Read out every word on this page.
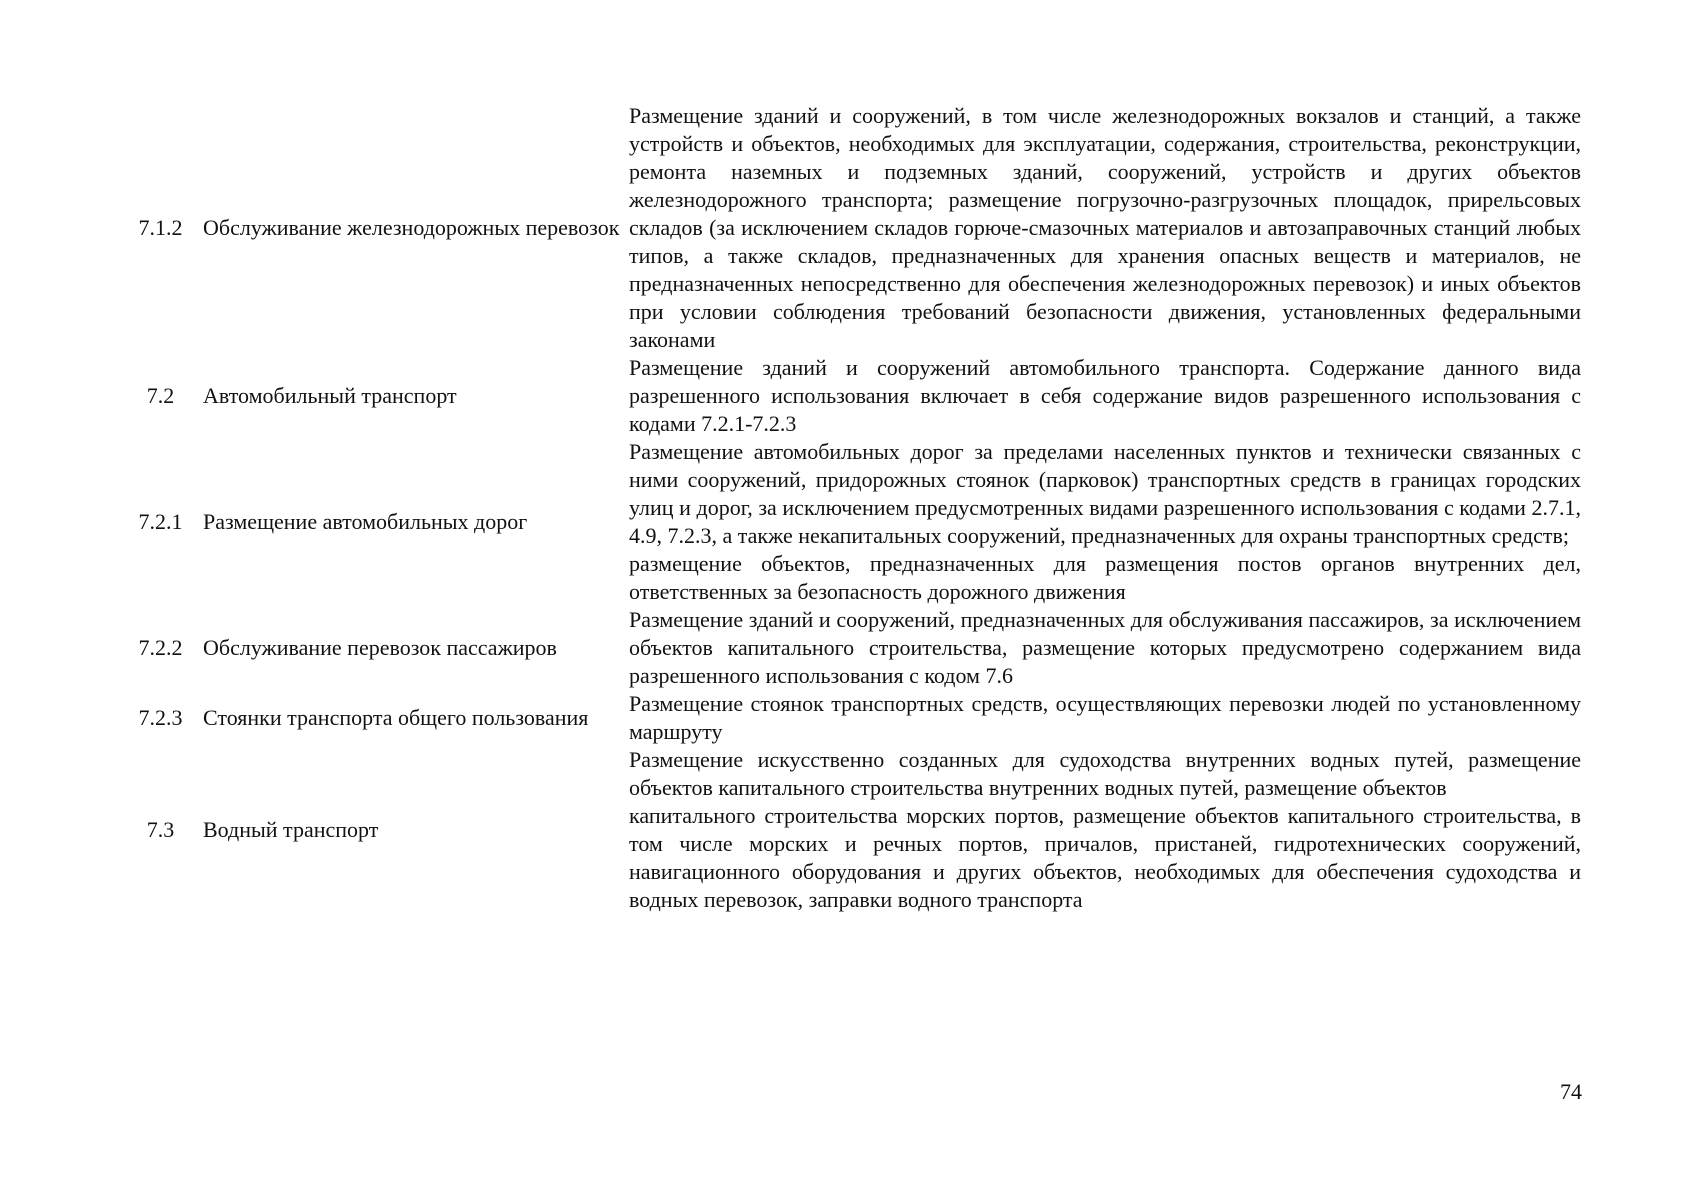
7.1.2 Обслуживание железнодорожных перевозок

Размещение зданий и сооружений, в том числе железнодорожных вокзалов и станций, а также устройств и объектов, необходимых для эксплуатации, содержания, строительства, реконструкции, ремонта наземных и подземных зданий, сооружений, устройств и других объектов железнодорожного транспорта; размещение погрузочно-разгрузочных площадок, прирельсовых складов (за исключением складов горюче-смазочных материалов и автозаправочных станций любых типов, а также складов, предназначенных для хранения опасных веществ и материалов, не предназначенных непосредственно для обеспечения железнодорожных перевозок) и иных объектов при условии соблюдения требований безопасности движения, установленных федеральными законами

7.2	Автомобильный транспорт

Размещение зданий и сооружений автомобильного транспорта. Содержание данного вида разрешенного использования включает в себя содержание видов разрешенного использования с кодами 7.2.1-7.2.3

7.2.1 Размещение автомобильных дорог

Размещение автомобильных дорог за пределами населенных пунктов и технически связанных с ними сооружений, придорожных стоянок (парковок) транспортных средств в границах городских улиц и дорог, за исключением предусмотренных видами разрешенного использования с кодами 2.7.1, 4.9, 7.2.3, а также некапитальных сооружений, предназначенных для охраны транспортных средств;

размещение объектов, предназначенных для размещения постов органов внутренних дел, ответственных за безопасность дорожного движения

7.2.2 Обслуживание перевозок пассажиров

Размещение зданий и сооружений, предназначенных для обслуживания пассажиров, за исключением объектов капитального строительства, размещение которых предусмотрено содержанием вида разрешенного использования с кодом 7.6

7.2.3 Стоянки транспорта общего пользования

Размещение стоянок транспортных средств, осуществляющих перевозки людей по установленному маршруту

7.3	Водный транспорт

Размещение искусственно созданных для судоходства внутренних водных путей, размещение объектов капитального строительства внутренних водных путей, размещение объектов

капитального строительства морских портов, размещение объектов капитального строительства, в том числе морских и речных портов, причалов, пристаней, гидротехнических сооружений, навигационного оборудования и других объектов, необходимых для обеспечения судоходства и водных перевозок, заправки водного транспорта

74
